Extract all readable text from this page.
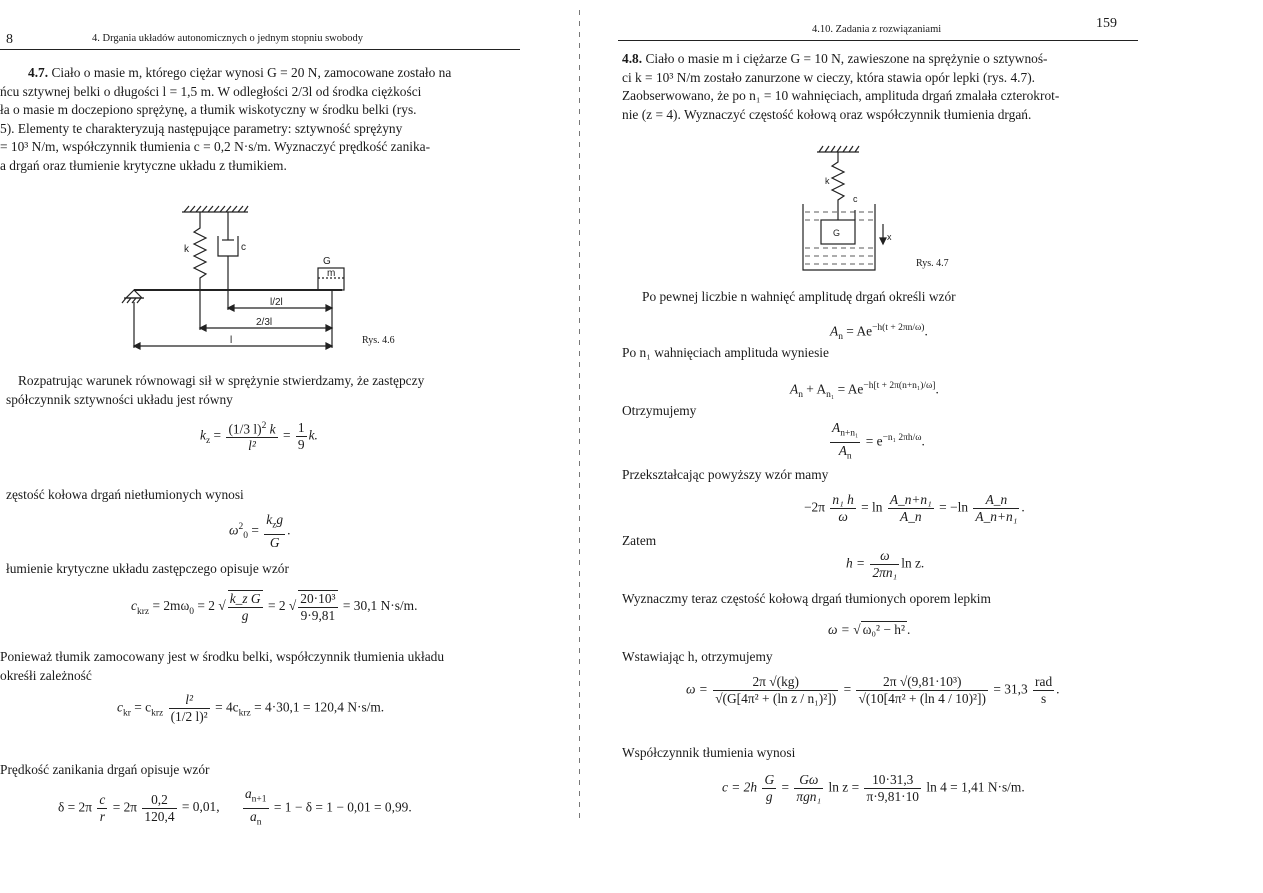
8	4. Drgania układów autonomicznych o jednym stopniu swobody
4.7. Ciało o masie m, którego ciężar wynosi G = 20 N, zamocowane zostało na
ńcu sztywnej belki o długości l = 1,5 m. W odległości 2/3l od środka ciężkości
ła o masie m doczepiono sprężynę, a tłumik wiskotyczny w środku belki (rys.
5). Elementy te charakteryzują następujące parametry: sztywność sprężyny
= 10³ N/m, współczynnik tłumienia c = 0,2 N·s/m. Wyznaczyć prędkość zanika-
a drgań oraz tłumienie krytyczne układu z tłumikiem.
k	c
G
m
l/2l
2/3l
l	Rys. 4.6
Rozpatrując warunek równowagi sił w sprężynie stwierdzamy, że zastępczy
spółczynnik sztywności układu jest równy
$k_z = \frac{(1/3 l)^2 k}{\text{l²}} = \frac{1}{9} k$.
zęstość kołowa drgań nietłumionych wynosi
$\omega^2_0 = \frac{k_zg}{G}$ .
łumienie krytyczne układu zastępczego opisuje wzór
$c_{krz} = 2m\omega_0 = 2$ √ $\frac{\text{k\_z G}}{g} = 2$ √ $\frac{\text{20·10³}}{9\cdot 9,81} = 30,1$ N·s/m.
Ponieważ tłumik zamocowany jest w środku belki, współczynnik tłumienia układu
okreśłi zależność
$c_{kr} = c_{krz} \frac{\text{l²}}{\text{(1/2 l)²}} = 4c_{krz} = 4\cdot 30,1 = 120,4$ N·s/m.
Prędkość zanikania drgań opisuje wzór
$\delta = 2\pi \frac{c}{r} = 2\pi \frac{0,2}{120,4} = 0,01$, $\frac{a_{n+1}}{a_n} = 1 - \delta = 1 - 0,01 = 0,99$.
4.10. Zadania z rozwiązaniami	159
4.8. Ciało o masie m i ciężarze G = 10 N, zawieszone na sprężynie o sztywnoś-
ci k = 10³ N/m zostało zanurzone w cieczy, która stawia opór lepki (rys. 4.7).
Zaobserwowano, że po n₁ = 10 wahnięciach, amplituda drgań zmalała czterokrot-
nie (z = 4). Wyznaczyć częstość kołową oraz współczynnik tłumienia drgań.
k
c
G	x
Rys. 4.7
Po pewnej liczbie n wahnięć amplitudę drgań określi wzór
$A_n = Ae^{-h(t + 2\pi n/\omega)}$.
Po n₁ wahnięciach amplituda wyniesie
$A_n + A_{n_1} = Ae^{-h[t + 2\pi(n+n_1)/\omega]}$.
Otrzymujemy
$\frac{A_{n+n_1}}{A_n} = e^{-n_1 2\pi h/\omega}$.
Przekształcając powyższy wzór mamy
$-2\pi \frac{\text{n₁ h}}{\omega} = \ln \frac{\text{A\_n+n₁}}{A\_n} = -\ln \frac{A\_n}{\text{A\_n+n₁}}$ .
Zatem
$h = \frac{\omega}{\text{2πn₁}}$ ln z.
Wyznaczmy teraz częstość kołową drgań tłumionych oporem lepkim
ω = √ ω₀² − h² .
Wstawiając h, otrzymujemy
$\omega = \frac{2\pi √(kg)}{\text{√(G[4π² + (ln z / n₁)²])}} = \frac{\text{2π √(9,81·10³)}}{\text{√(10[4π² + (ln 4 / 10)²])}} = 31,3 \frac{\text{rad}}{s}$ .
Współczynnik tłumienia wynosi
$c = 2h \frac{G}{g} = \frac{G\omega}{\text{πgn₁}}$ $\ln z = \frac{10\cdot 31,3}{\pi\cdot 9,81\cdot 10}$ ln 4 = 1,41 N·s/m.
